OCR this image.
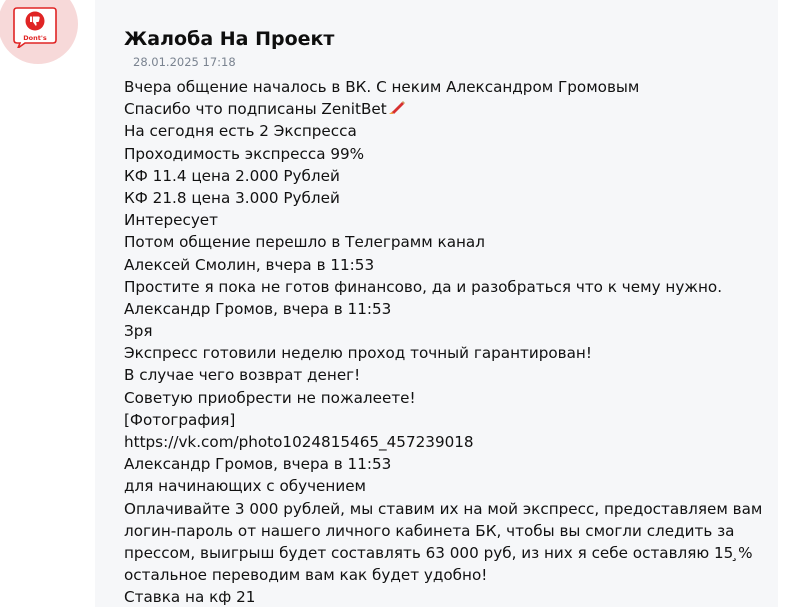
Dont's	Жалоба На Проект
28.01.2025 17:18
Вчера общение началось в ВК. С неким Александром Громовым
Спасибо что подписаны ZenitBet
На сегодня есть 2 Экспресса
Проходимость экспресса 99%
КФ 11.4 цена 2.000 Рублей
КФ 21.8 цена 3.000 Рублей
Интересует
Потом общение перешло в Телеграмм канал
Алексей Смолин, вчера в 11:53
Простите я пока не готов финансово, да и разобраться что к чему нужно.
Александр Громов, вчера в 11:53
Зря
Экспресс готовили неделю проход точный гарантирован!
В случае чего возврат денег!
Советую приобрести не пожалеете!
[Фотография]
https://vk.com/photo1024815465_457239018
Александр Громов, вчера в 11:53
для начинающих с обучением
Оплачивайте 3 000 рублей, мы ставим их на мой экспресс, предоставляем вам
логин-пароль от нашего личного кабинета БК, чтобы вы смогли следить за
прессом, выигрыш будет составлять 63 000 руб, из них я себе оставляю 15 ̧%
остальное переводим вам как будет удобно!
Ставка на кф 21
